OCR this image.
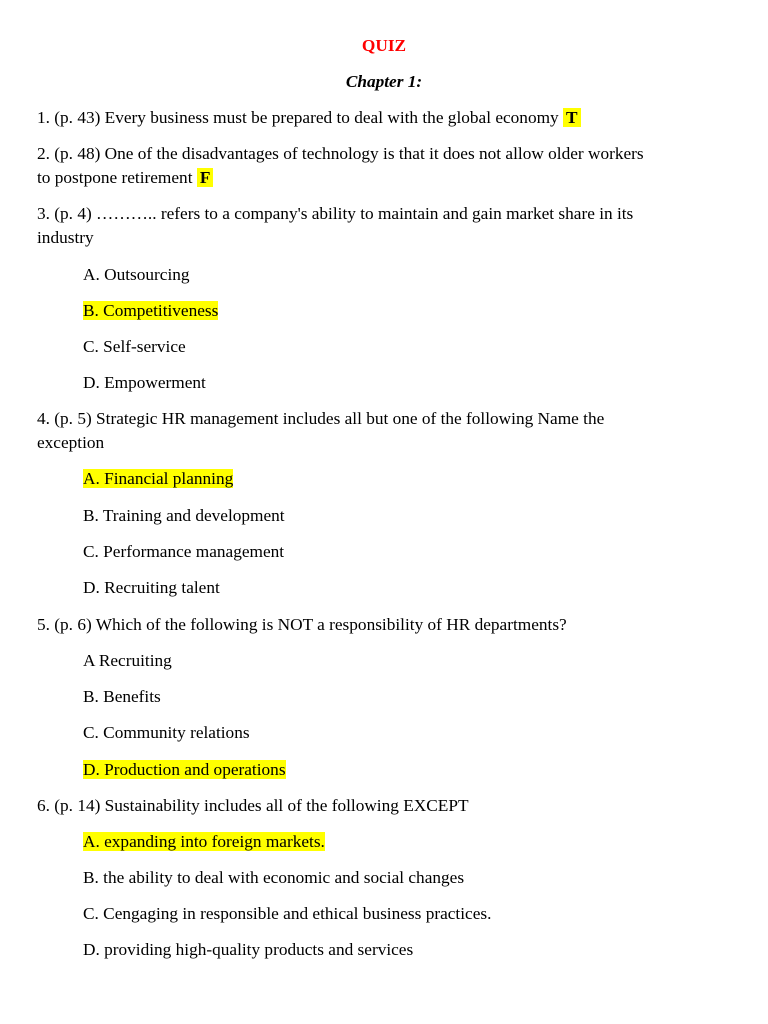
QUIZ
Chapter 1:
1. (p. 43) Every business must be prepared to deal with the global economy T
2. (p. 48) One of the disadvantages of technology is that it does not allow older workers
to postpone retirement F
3. (p. 4) ……….. refers to a company's ability to maintain and gain market share in its
industry
A. Outsourcing
B. Competitiveness
C. Self-service
D. Empowerment
4. (p. 5) Strategic HR management includes all but one of the following Name the
exception
A. Financial planning
B. Training and development
C. Performance management
D. Recruiting talent
5. (p. 6) Which of the following is NOT a responsibility of HR departments?
A Recruiting
B. Benefits
C. Community relations
D. Production and operations
6. (p. 14) Sustainability includes all of the following EXCEPT
A. expanding into foreign markets.
B. the ability to deal with economic and social changes
C. Cengaging in responsible and ethical business practices.
D. providing high-quality products and services
